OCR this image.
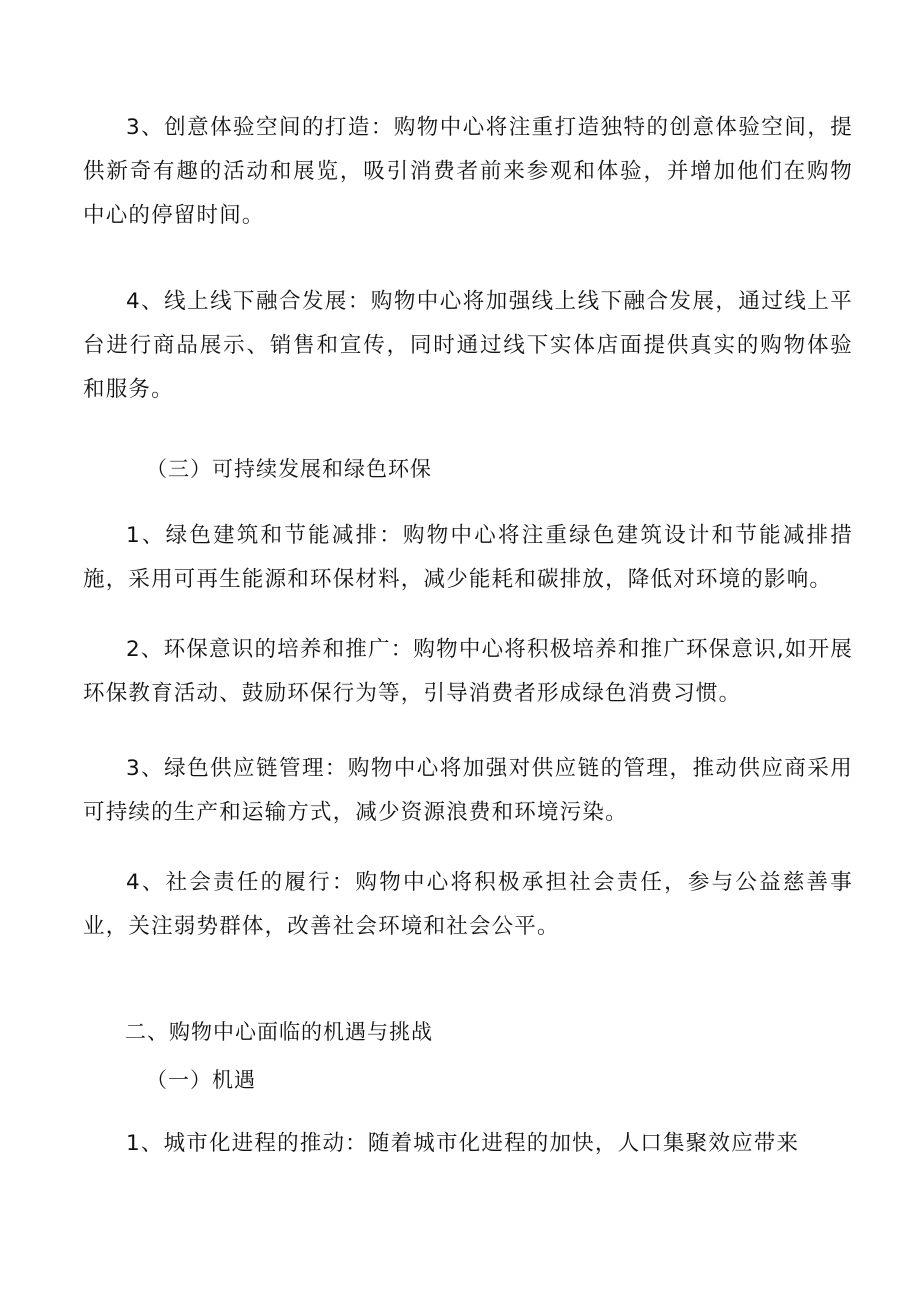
3、创意体验空间的打造：购物中心将注重打造独特的创意体验空间，提供新奇有趣的活动和展览，吸引消费者前来参观和体验，并增加他们在购物中心的停留时间。

4、线上线下融合发展：购物中心将加强线上线下融合发展，通过线上平台进行商品展示、销售和宣传，同时通过线下实体店面提供真实的购物体验和服务。

（三）可持续发展和绿色环保

1、绿色建筑和节能减排：购物中心将注重绿色建筑设计和节能减排措施，采用可再生能源和环保材料，减少能耗和碳排放，降低对环境的影响。

2、环保意识的培养和推广：购物中心将积极培养和推广环保意识,如开展环保教育活动、鼓励环保行为等，引导消费者形成绿色消费习惯。

3、绿色供应链管理：购物中心将加强对供应链的管理，推动供应商采用可持续的生产和运输方式，减少资源浪费和环境污染。

4、社会责任的履行：购物中心将积极承担社会责任，参与公益慈善事业，关注弱势群体，改善社会环境和社会公平。

二、购物中心面临的机遇与挑战

（一）机遇

1、城市化进程的推动：随着城市化进程的加快，人口集聚效应带来
